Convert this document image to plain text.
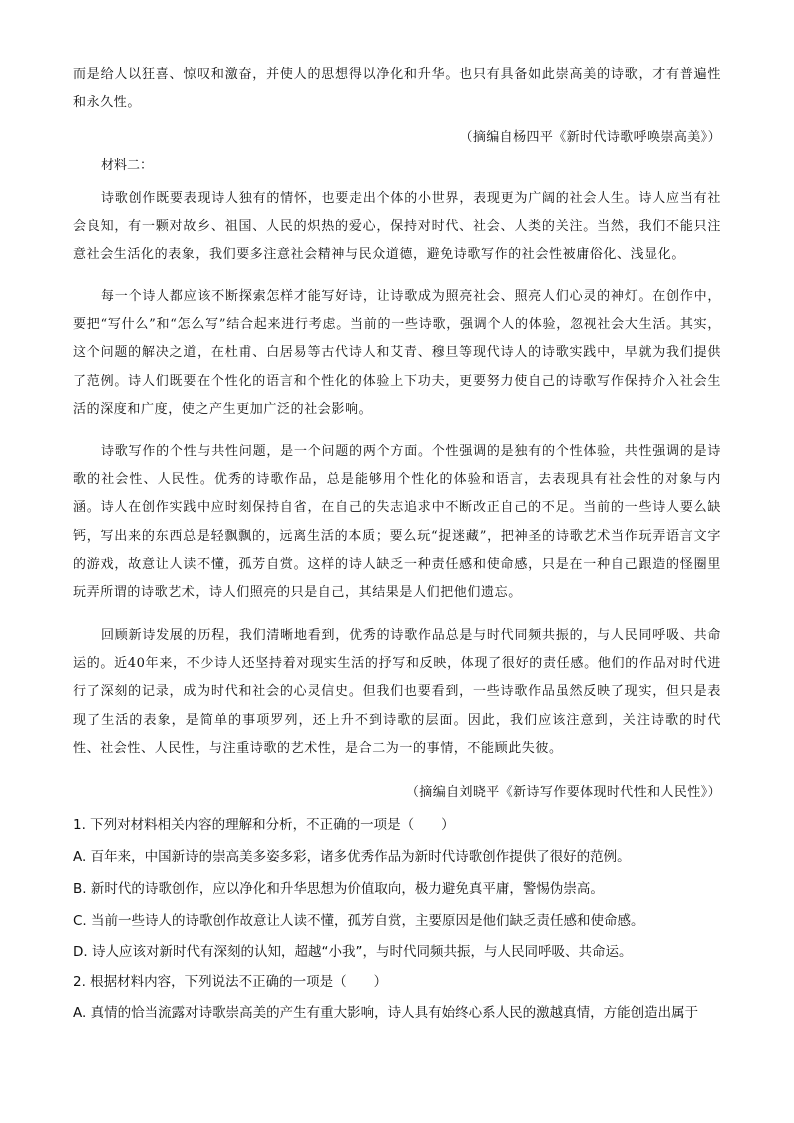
而是给人以狂喜、惊叹和激奋，并使人的思想得以净化和升华。也只有具备如此崇高美的诗歌，才有普遍性和永久性。

（摘编自杨四平《新时代诗歌呼唤崇高美》）

材料二：

诗歌创作既要表现诗人独有的情怀，也要走出个体的小世界，表现更为广阔的社会人生。诗人应当有社会良知，有一颗对故乡、祖国、人民的炽热的爱心，保持对时代、社会、人类的关注。当然，我们不能只注意社会生活化的表象，我们要多注意社会精神与民众道德，避免诗歌写作的社会性被庸俗化、浅显化。

每一个诗人都应该不断探索怎样才能写好诗，让诗歌成为照亮社会、照亮人们心灵的神灯。在创作中，要把“写什么”和“怎么写”结合起来进行考虑。当前的一些诗歌，强调个人的体验，忽视社会大生活。其实，这个问题的解决之道，在杜甫、白居易等古代诗人和艾青、穆旦等现代诗人的诗歌实践中，早就为我们提供了范例。诗人们既要在个性化的语言和个性化的体验上下功夫，更要努力使自己的诗歌写作保持介入社会生活的深度和广度，使之产生更加广泛的社会影响。

诗歌写作的个性与共性问题，是一个问题的两个方面。个性强调的是独有的个性体验，共性强调的是诗歌的社会性、人民性。优秀的诗歌作品，总是能够用个性化的体验和语言，去表现具有社会性的对象与内涵。诗人在创作实践中应时刻保持自省，在自己的失志追求中不断改正自己的不足。当前的一些诗人要么缺钙，写出来的东西总是轻飘飘的，远离生活的本质；要么玩“捉迷藏”，把神圣的诗歌艺术当作玩弄语言文字的游戏，故意让人读不懂，孤芳自赏。这样的诗人缺乏一种责任感和使命感，只是在一种自己跟造的怪圈里玩弄所谓的诗歌艺术，诗人们照亮的只是自己，其结果是人们把他们遗忘。

回顾新诗发展的历程，我们清晰地看到，优秀的诗歌作品总是与时代同频共振的，与人民同呼吸、共命运的。近40年来，不少诗人还坚持着对现实生活的抒写和反映，体现了很好的责任感。他们的作品对时代进行了深刻的记录，成为时代和社会的心灵信史。但我们也要看到，一些诗歌作品虽然反映了现实，但只是表现了生活的表象，是简单的事项罗列，还上升不到诗歌的层面。因此，我们应该注意到，关注诗歌的时代性、社会性、人民性，与注重诗歌的艺术性，是合二为一的事情，不能顾此失彼。

（摘编自刘晓平《新诗写作要体现时代性和人民性》）

1. 下列对材料相关内容的理解和分析，不正确的一项是（　　）

A. 百年来，中国新诗的崇高美多姿多彩，诸多优秀作品为新时代诗歌创作提供了很好的范例。

B. 新时代的诗歌创作，应以净化和升华思想为价值取向，极力避免真平庸，警惕伪崇高。

C. 当前一些诗人的诗歌创作故意让人读不懂，孤芳自赏，主要原因是他们缺乏责任感和使命感。

D. 诗人应该对新时代有深刻的认知，超越“小我”，与时代同频共振，与人民同呼吸、共命运。

2. 根据材料内容，下列说法不正确的一项是（　　）

A. 真情的恰当流露对诗歌崇高美的产生有重大影响，诗人具有始终心系人民的激越真情，方能创造出属于
